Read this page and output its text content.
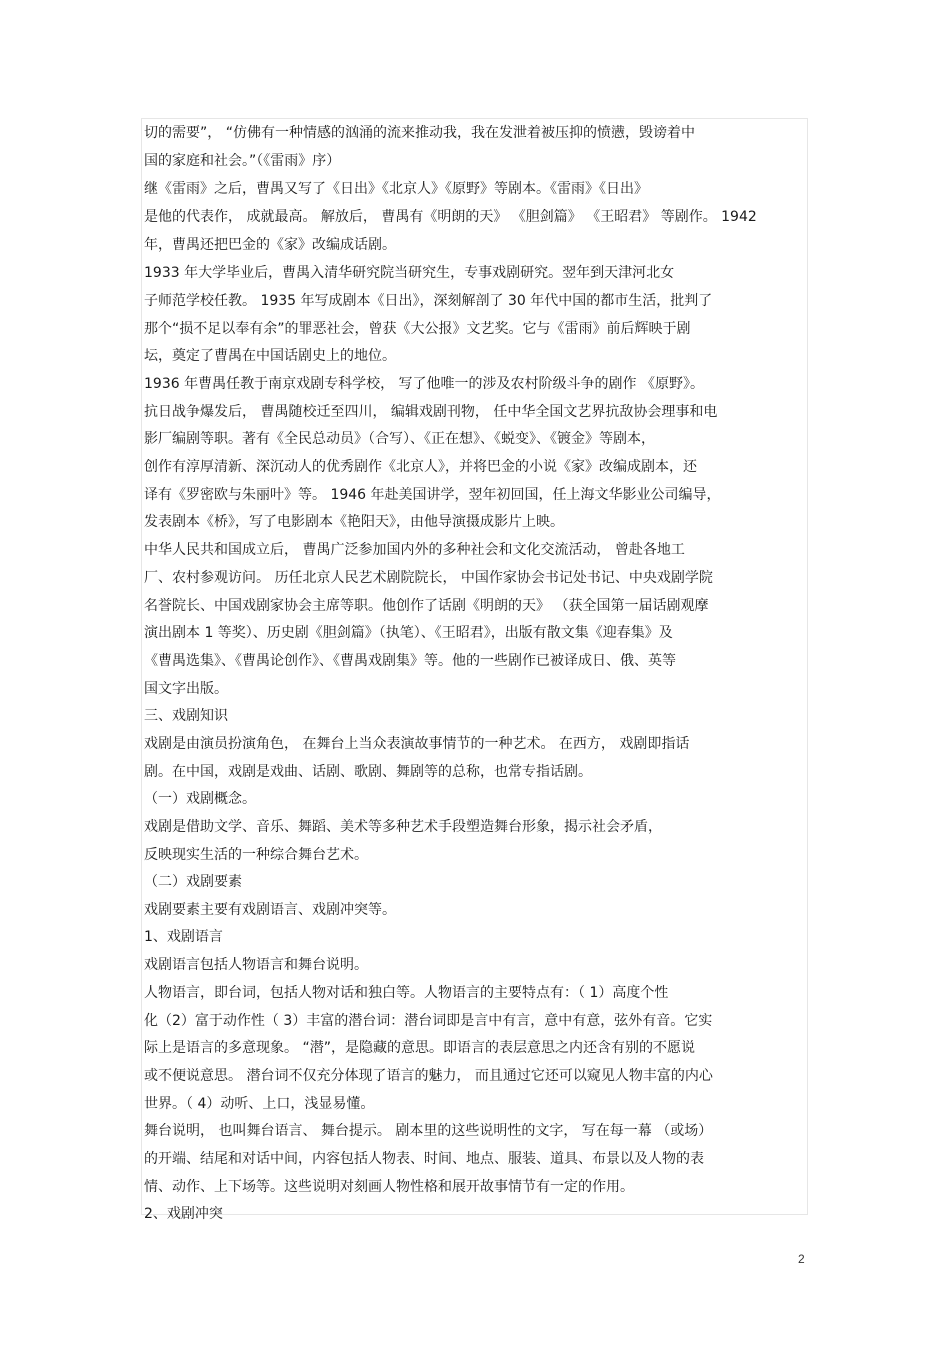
切的需要”， “仿佛有一种情感的汹涌的流来推动我，我在发泄着被压抑的愤懑，毁谤着中
国的家庭和社会。”（《雷雨》序）
继《雷雨》之后，曹禺又写了《日出》《北京人》《原野》等剧本。《雷雨》《日出》
是他的代表作， 成就最高。 解放后， 曹禺有《明朗的天》 《胆剑篇》 《王昭君》 等剧作。 1942
年，曹禺还把巴金的《家》改编成话剧。
1933 年大学毕业后，曹禺入清华研究院当研究生，专事戏剧研究。翌年到天津河北女
子师范学校任教。 1935 年写成剧本《日出》，深刻解剖了 30 年代中国的都市生活，批判了
那个“损不足以奉有余”的罪恶社会，曾获《大公报》文艺奖。它与《雷雨》前后辉映于剧
坛，奠定了曹禺在中国话剧史上的地位。
1936 年曹禺任教于南京戏剧专科学校， 写了他唯一的涉及农村阶级斗争的剧作 《原野》。
抗日战争爆发后， 曹禺随校迁至四川， 编辑戏剧刊物， 任中华全国文艺界抗敌协会理事和电
影厂编剧等职。著有《全民总动员》（合写）、《正在想》、《蜕变》、《镀金》等剧本，
创作有淳厚清新、深沉动人的优秀剧作《北京人》，并将巴金的小说《家》改编成剧本，还
译有《罗密欧与朱丽叶》等。 1946 年赴美国讲学，翌年初回国，任上海文华影业公司编导，
发表剧本《桥》，写了电影剧本《艳阳天》，由他导演摄成影片上映。
中华人民共和国成立后， 曹禺广泛参加国内外的多种社会和文化交流活动， 曾赴各地工
厂、农村参观访问。 历任北京人民艺术剧院院长， 中国作家协会书记处书记、中央戏剧学院
名誉院长、中国戏剧家协会主席等职。他创作了话剧《明朗的天》 （获全国第一届话剧观摩
演出剧本 1 等奖）、历史剧《胆剑篇》（执笔）、《王昭君》，出版有散文集《迎春集》及
《曹禺选集》、《曹禺论创作》、《曹禺戏剧集》等。他的一些剧作已被译成日、俄、英等
国文字出版。
三、戏剧知识
戏剧是由演员扮演角色， 在舞台上当众表演故事情节的一种艺术。 在西方， 戏剧即指话
剧。在中国，戏剧是戏曲、话剧、歌剧、舞剧等的总称，也常专指话剧。
（一）戏剧概念。
戏剧是借助文学、音乐、舞蹈、美术等多种艺术手段塑造舞台形象，揭示社会矛盾，
反映现实生活的一种综合舞台艺术。
（二）戏剧要素
戏剧要素主要有戏剧语言、戏剧冲突等。
1、戏剧语言
戏剧语言包括人物语言和舞台说明。
人物语言，即台词，包括人物对话和独白等。人物语言的主要特点有：（ 1）高度个性
化（2）富于动作性（ 3）丰富的潜台词：潜台词即是言中有言，意中有意，弦外有音。它实
际上是语言的多意现象。 “潜”，是隐藏的意思。即语言的表层意思之内还含有别的不愿说
或不便说意思。 潜台词不仅充分体现了语言的魅力， 而且通过它还可以窥见人物丰富的内心
世界。（ 4）动听、上口，浅显易懂。
舞台说明， 也叫舞台语言、 舞台提示。 剧本里的这些说明性的文字， 写在每一幕 （或场）
的开端、结尾和对话中间，内容包括人物表、时间、地点、服装、道具、布景以及人物的表
情、动作、上下场等。这些说明对刻画人物性格和展开故事情节有一定的作用。
2、戏剧冲突
2
